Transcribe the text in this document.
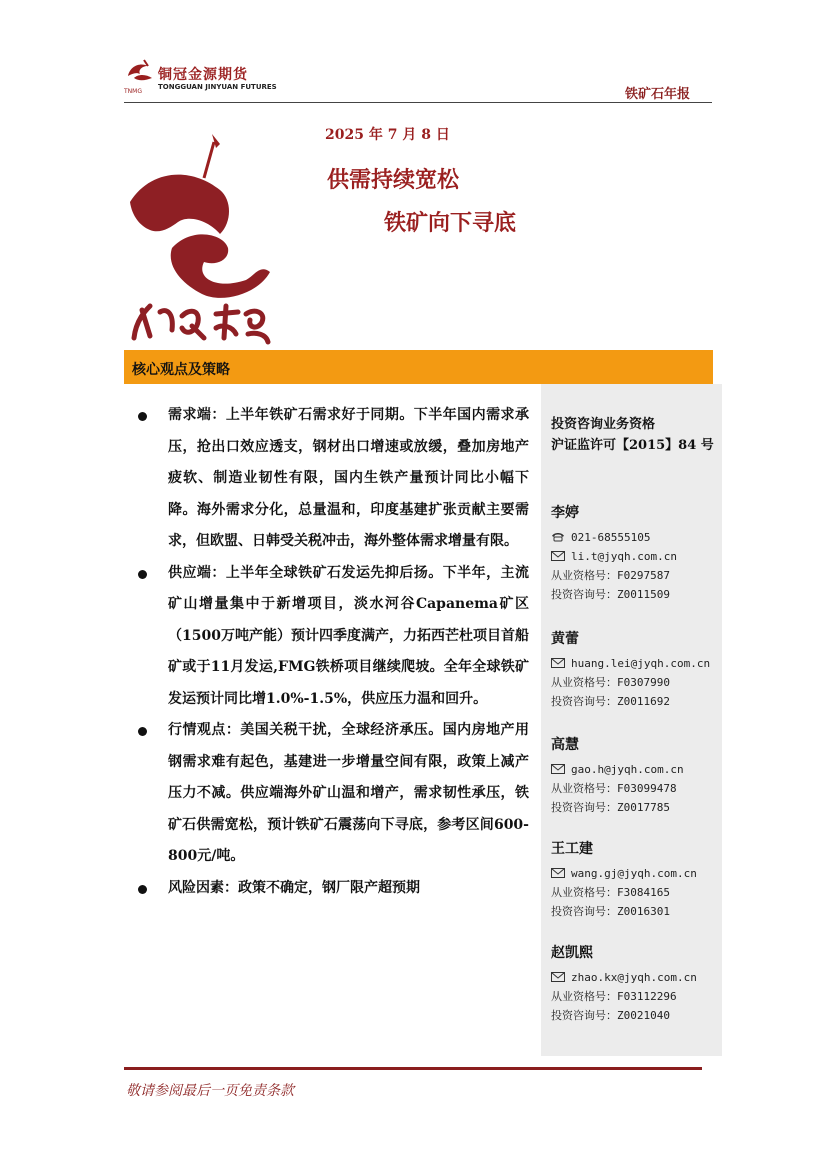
铜冠金源期货
TONGGUAN JINYUAN FUTURES
TNMG	铁矿石年报
2025 年 7 月 8 日
供需持续宽松
铁矿向下寻底
核心观点及策略
投资咨询业务资格
沪证监许可【2015】84 号
李婷
021-68555105
li.t@jyqh.com.cn
从业资格号：F0297587
投资咨询号：Z0011509
黄蕾
huang.lei@jyqh.com.cn
从业资格号：F0307990
投资咨询号：Z0011692
高慧
gao.h@jyqh.com.cn
从业资格号：F03099478
投资咨询号：Z0017785
王工建
wang.gj@jyqh.com.cn
从业资格号：F3084165
投资咨询号：Z0016301
赵凯熙
zhao.kx@jyqh.com.cn
从业资格号：F03112296
投资咨询号：Z0021040
需求端：上半年铁矿石需求好于同期。下半年国内需求承压，抢出口效应透支，钢材出口增速或放缓，叠加房地产疲软、制造业韧性有限，国内生铁产量预计同比小幅下降。海外需求分化，总量温和，印度基建扩张贡献主要需求，但欧盟、日韩受关税冲击，海外整体需求增量有限。
供应端：上半年全球铁矿石发运先抑后扬。下半年，主流矿山增量集中于新增项目，淡水河谷Capanema矿区（1500万吨产能）预计四季度满产，力拓西芒杜项目首船矿或于11月发运,FMG铁桥项目继续爬坡。全年全球铁矿发运预计同比增1.0%-1.5%，供应压力温和回升。
行情观点：美国关税干扰，全球经济承压。国内房地产用钢需求难有起色，基建进一步增量空间有限，政策上减产压力不减。供应端海外矿山温和增产，需求韧性承压，铁矿石供需宽松，预计铁矿石震荡向下寻底，参考区间600-800元/吨。
风险因素：政策不确定，钢厂限产超预期
敬请参阅最后一页免责条款
